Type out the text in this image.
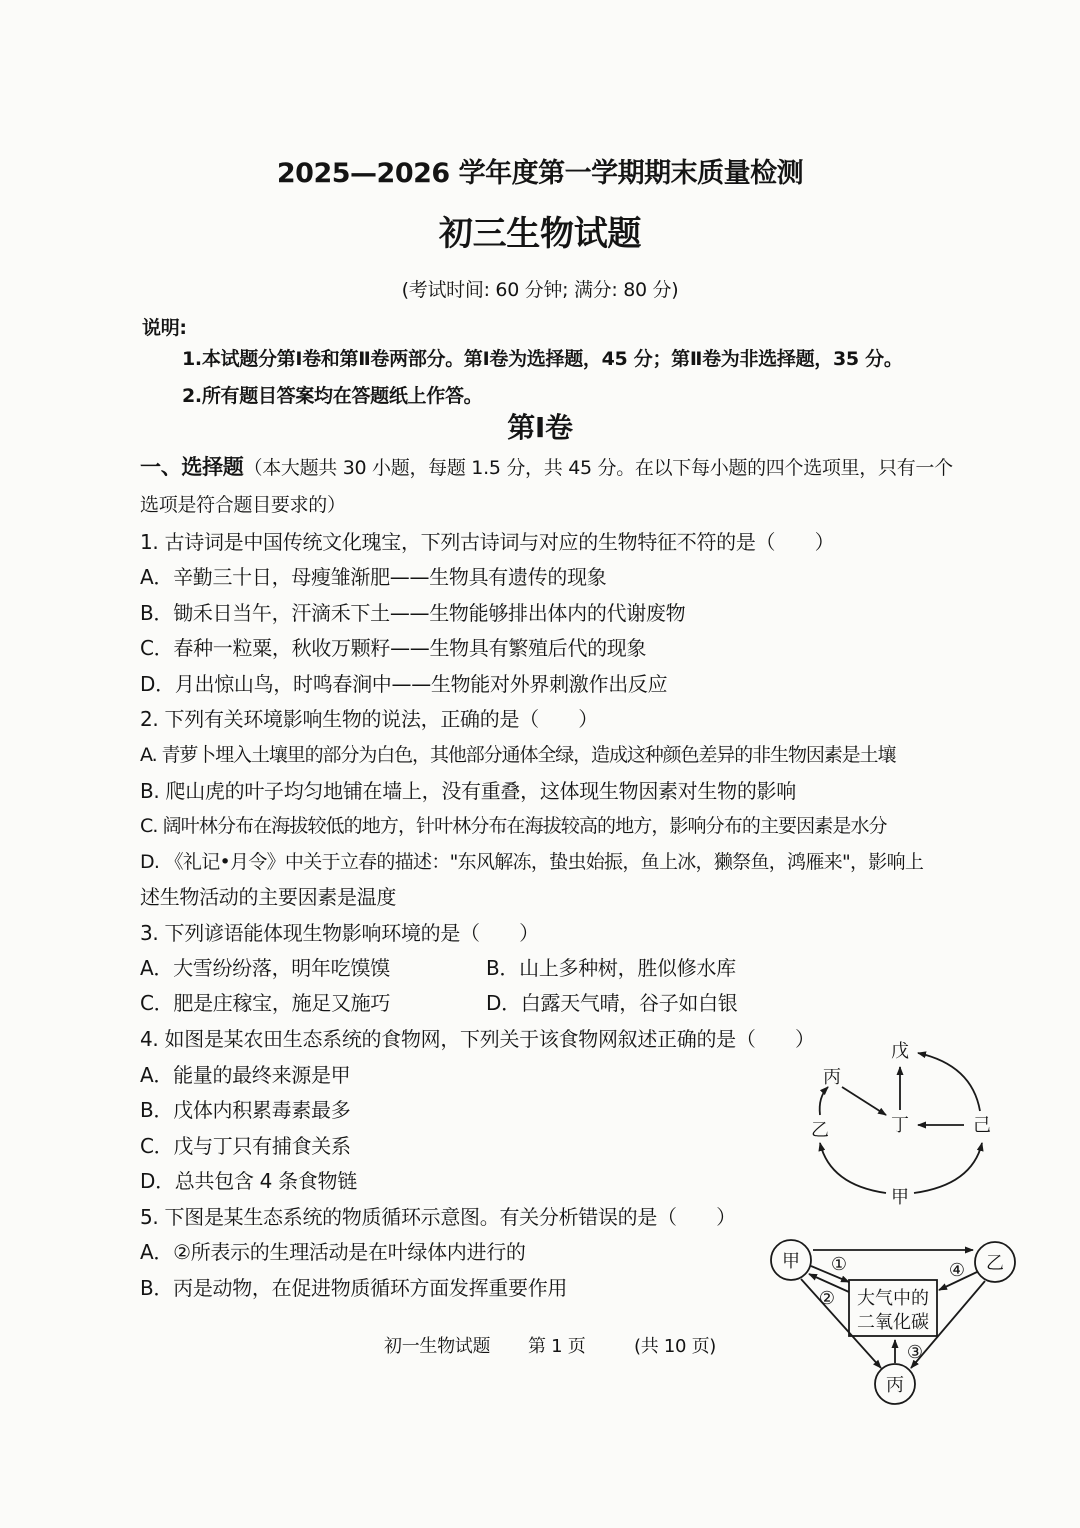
2025—2026 学年度第一学期期末质量检测
初三生物试题
(考试时间: 60 分钟; 满分: 80 分)
说明:
1.本试题分第Ⅰ卷和第Ⅱ卷两部分。第Ⅰ卷为选择题，45 分；第Ⅱ卷为非选择题，35 分。
2.所有题目答案均在答题纸上作答。
第Ⅰ卷
一、选择题（本大题共 30 小题，每题 1.5 分，共 45 分。在以下每小题的四个选项里，只有一个
选项是符合题目要求的）
1. 古诗词是中国传统文化瑰宝，下列古诗词与对应的生物特征不符的是（　　）
A．辛勤三十日，母瘦雏渐肥——生物具有遗传的现象
B．锄禾日当午，汗滴禾下土——生物能够排出体内的代谢废物
C．春种一粒粟，秋收万颗籽——生物具有繁殖后代的现象
D．月出惊山鸟，时鸣春涧中——生物能对外界刺激作出反应
2. 下列有关环境影响生物的说法，正确的是（　　）
A. 青萝卜埋入土壤里的部分为白色，其他部分通体全绿，造成这种颜色差异的非生物因素是土壤
B. 爬山虎的叶子均匀地铺在墙上，没有重叠，这体现生物因素对生物的影响
C. 阔叶林分布在海拔较低的地方，针叶林分布在海拔较高的地方，影响分布的主要因素是水分
D. 《礼记•月令》中关于立春的描述："东风解冻，蛰虫始振，鱼上冰，獭祭鱼，鸿雁来"，影响上
述生物活动的主要因素是温度
3. 下列谚语能体现生物影响环境的是（　　）
A．大雪纷纷落，明年吃馍馍	B．山上多种树，胜似修水库
C．肥是庄稼宝，施足又施巧	D．白露天气晴，谷子如白银
4. 如图是某农田生态系统的食物网，下列关于该食物网叙述正确的是（　　）
A．能量的最终来源是甲
B．戊体内积累毒素最多
C．戊与丁只有捕食关系
D．总共包含 4 条食物链
5. 下图是某生态系统的物质循环示意图。有关分析错误的是（　　）
A．②所表示的生理活动是在叶绿体内进行的
B．丙是动物，在促进物质循环方面发挥重要作用
戊
丙
丁	己
乙
甲
甲	乙
丙
大气中的
二氧化碳
①
②
③
④
初一生物试题 第 1 页	(共 10 页)
